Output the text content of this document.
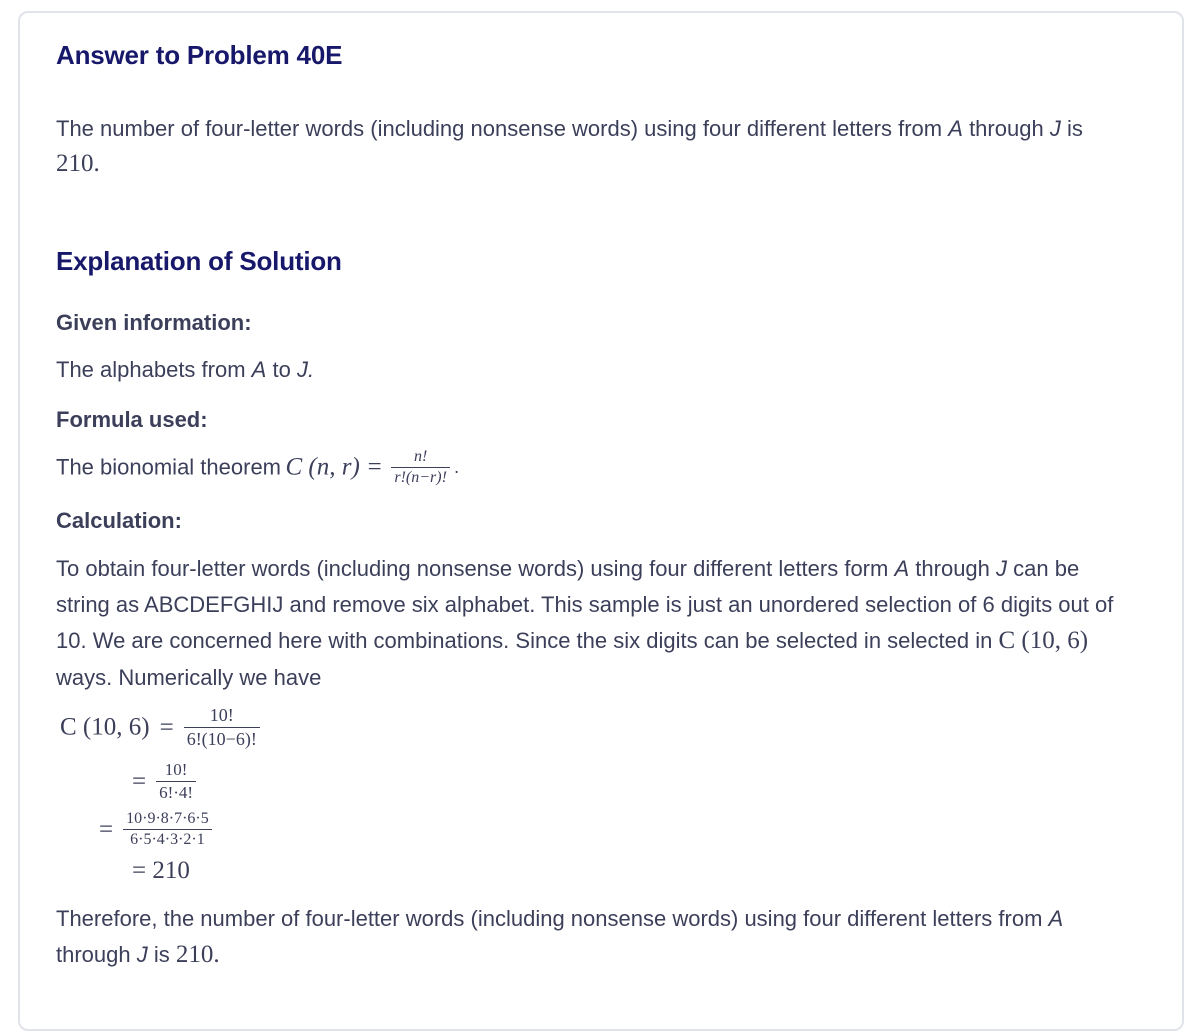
Answer to Problem 40E

The number of four-letter words (including nonsense words) using four different letters from A through J is

210.
Explanation of Solution
Given information:

The alphabets from A to J.

Formula used:
The bionomial theorem C (n, $r) = \frac{n!}{r!(n-r)!}$ .
Calculation:

To obtain four-letter words (including nonsense words) using four different letters form A through J can be

string as ABCDEFGHIJ and remove six alphabet. This sample is just an unordered selection of 6 digits out of

10. We are concerned here with combinations. Since the six digits can be selected in selected in C (10, 6)

ways. Numerically we have

C (10, $6) = \frac{10!}{6!(10-6)!}$
= $\frac{10!}{6!\cdot 4!}$
= $\frac{10\cdot 9\cdot 8\cdot 7\cdot 6\cdot 5}{6\cdot 5\cdot 4\cdot 3\cdot 2\cdot 1}$
= 210

Therefore, the number of four-letter words (including nonsense words) using four different letters from A

through J is 210.
